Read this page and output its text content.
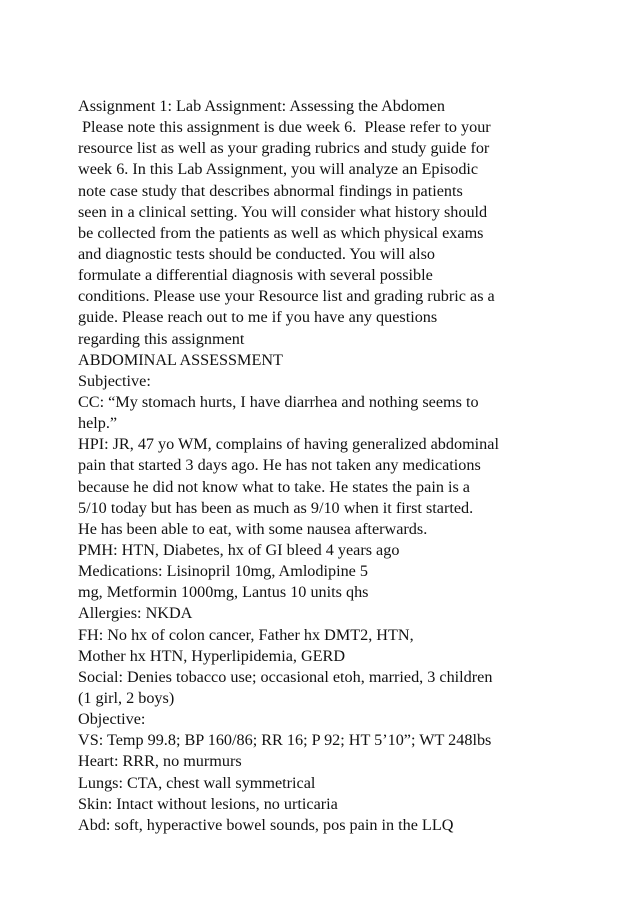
Assignment 1: Lab Assignment: Assessing the Abdomen
Please note this assignment is due week 6.  Please refer to your
resource list as well as your grading rubrics and study guide for
week 6. In this Lab Assignment, you will analyze an Episodic
note case study that describes abnormal findings in patients
seen in a clinical setting. You will consider what history should
be collected from the patients as well as which physical exams
and diagnostic tests should be conducted. You will also
formulate a differential diagnosis with several possible
conditions. Please use your Resource list and grading rubric as a
guide. Please reach out to me if you have any questions
regarding this assignment
ABDOMINAL ASSESSMENT
Subjective:
CC: “My stomach hurts, I have diarrhea and nothing seems to
help.”
HPI: JR, 47 yo WM, complains of having generalized abdominal
pain that started 3 days ago. He has not taken any medications
because he did not know what to take. He states the pain is a
5/10 today but has been as much as 9/10 when it first started.
He has been able to eat, with some nausea afterwards.
PMH: HTN, Diabetes, hx of GI bleed 4 years ago
Medications: Lisinopril 10mg, Amlodipine 5
mg, Metformin 1000mg, Lantus 10 units qhs
Allergies: NKDA
FH: No hx of colon cancer, Father hx DMT2, HTN,
Mother hx HTN, Hyperlipidemia, GERD
Social: Denies tobacco use; occasional etoh, married, 3 children
(1 girl, 2 boys)
Objective:
VS: Temp 99.8; BP 160/86; RR 16; P 92; HT 5’10”; WT 248lbs
Heart: RRR, no murmurs
Lungs: CTA, chest wall symmetrical
Skin: Intact without lesions, no urticaria
Abd: soft, hyperactive bowel sounds, pos pain in the LLQ
